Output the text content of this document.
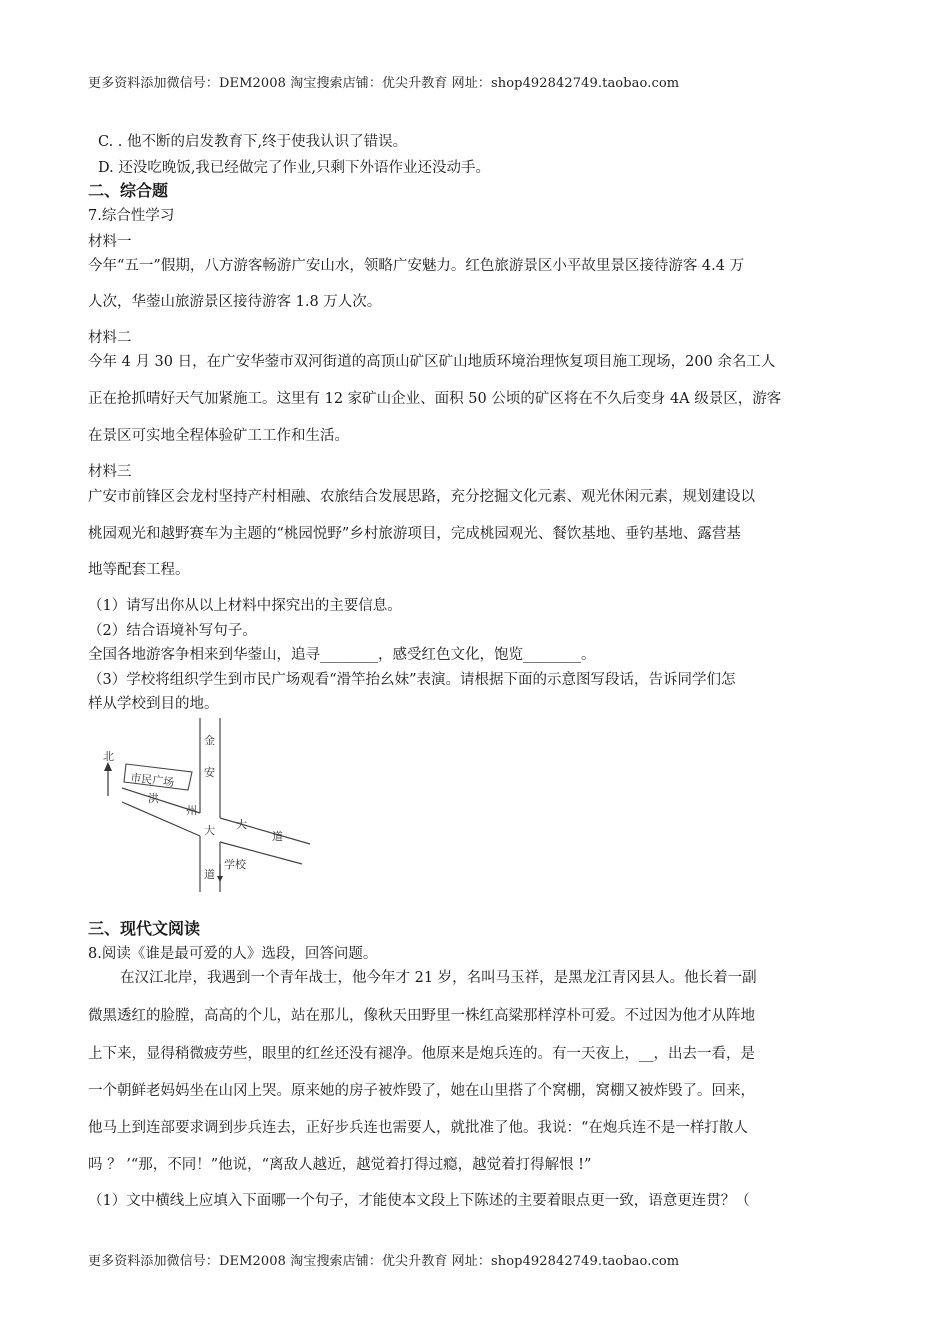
更多资料添加微信号：DEM2008 淘宝搜索店铺：优尖升教育 网址：shop492842749.taobao.com
C. . 他不断的启发教育下,终于使我认识了错误。
D. 还没吃晚饭,我已经做完了作业,只剩下外语作业还没动手。
二、综合题
7.综合性学习
材料一
今年“五一”假期，八方游客畅游广安山水，领略广安魅力。红色旅游景区小平故里景区接待游客 4.4 万
人次，华蓥山旅游景区接待游客 1.8 万人次。
材料二
今年 4 月 30 日，在广安华蓥市双河街道的高顶山矿区矿山地质环境治理恢复项目施工现场，200 余名工人
正在抢抓晴好天气加紧施工。这里有 12 家矿山企业、面积 50 公顷的矿区将在不久后变身 4A 级景区，游客
在景区可实地全程体验矿工工作和生活。
材料三
广安市前锋区会龙村坚持产村相融、农旅结合发展思路，充分挖掘文化元素、观光休闲元素，规划建设以
桃园观光和越野赛车为主题的“桃园悦野”乡村旅游项目，完成桃园观光、餐饮基地、垂钓基地、露营基
地等配套工程。
（1）请写出你从以上材料中探究出的主要信息。
（2）结合语境补写句子。
全国各地游客争相来到华蓥山，追寻________，感受红色文化，饱览________。
（3）学校将组织学生到市民广场观看“滑竿抬幺妹”表演。请根据下面的示意图写段话，告诉同学们怎
样从学校到目的地。
北
市民广场
金
安
大
道
洪
州
大
道
学校
三、现代文阅读
8.阅读《谁是最可爱的人》选段，回答问题。
在汉江北岸，我遇到一个青年战士，他今年才 21 岁，名叫马玉祥，是黑龙江青冈县人。他长着一副
微黑透红的脸膛，高高的个儿，站在那儿，像秋天田野里一株红高粱那样淳朴可爱。不过因为他才从阵地
上下来，显得稍微疲劳些，眼里的红丝还没有褪净。他原来是炮兵连的。有一天夜上，__，出去一看，是
一个朝鲜老妈妈坐在山冈上哭。原来她的房子被炸毁了，她在山里搭了个窝棚，窝棚又被炸毁了。回来，
他马上到连部要求调到步兵连去，正好步兵连也需要人，就批准了他。我说：“在炮兵连不是一样打散人
吗 ？ ’“那，不同！”他说，“离敌人越近，越觉着打得过瘾，越觉着打得解恨 !”
（1）文中横线上应填入下面哪一个句子，才能使本文段上下陈述的主要着眼点更一致，语意更连贯？（
更多资料添加微信号：DEM2008 淘宝搜索店铺：优尖升教育 网址：shop492842749.taobao.com
